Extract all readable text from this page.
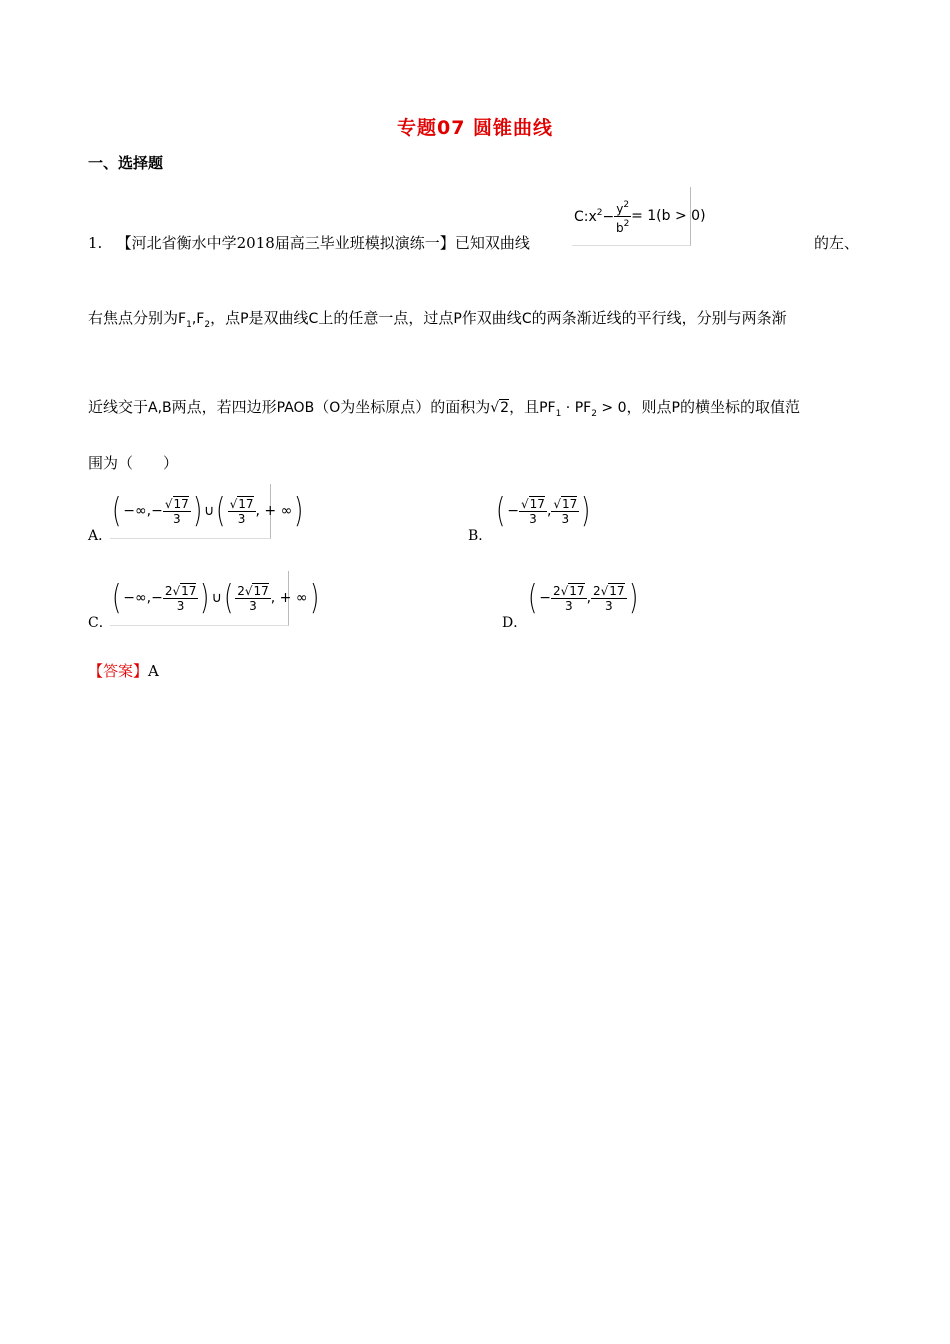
专题07 圆锥曲线
一、选择题
1. 【河北省衡水中学2018届高三毕业班模拟演练一】已知双曲线
$C:x^2- \frac{y^2}{b^2} = 1(b > 0)$
的左、
右焦点分别为$F_1,F_2$，点P是双曲线C上的任意一点，过点P作双曲线C的两条渐近线的平行线，分别与两条渐
近线交于A,B两点，若四边形PAOB（O为坐标原点）的面积为√2，且$PF_1 \cdot PF_2 > 0$，则点P的横坐标的取值范
围为（　　）
A．
( −∞,− $\frac{√17}{3}$ ) ∪ ( $\frac{√17}{3}$ , + ∞ )
B．
( − $\frac{√17}{3}$ , $\frac{√17}{3}$ )
C．
( −∞,− $\frac{2√17}{3}$ ) ∪ ( $\frac{2√17}{3}$ , + ∞ )
D．
( − $\frac{2√17}{3}$ , $\frac{2√17}{3}$ )
【答案】A
